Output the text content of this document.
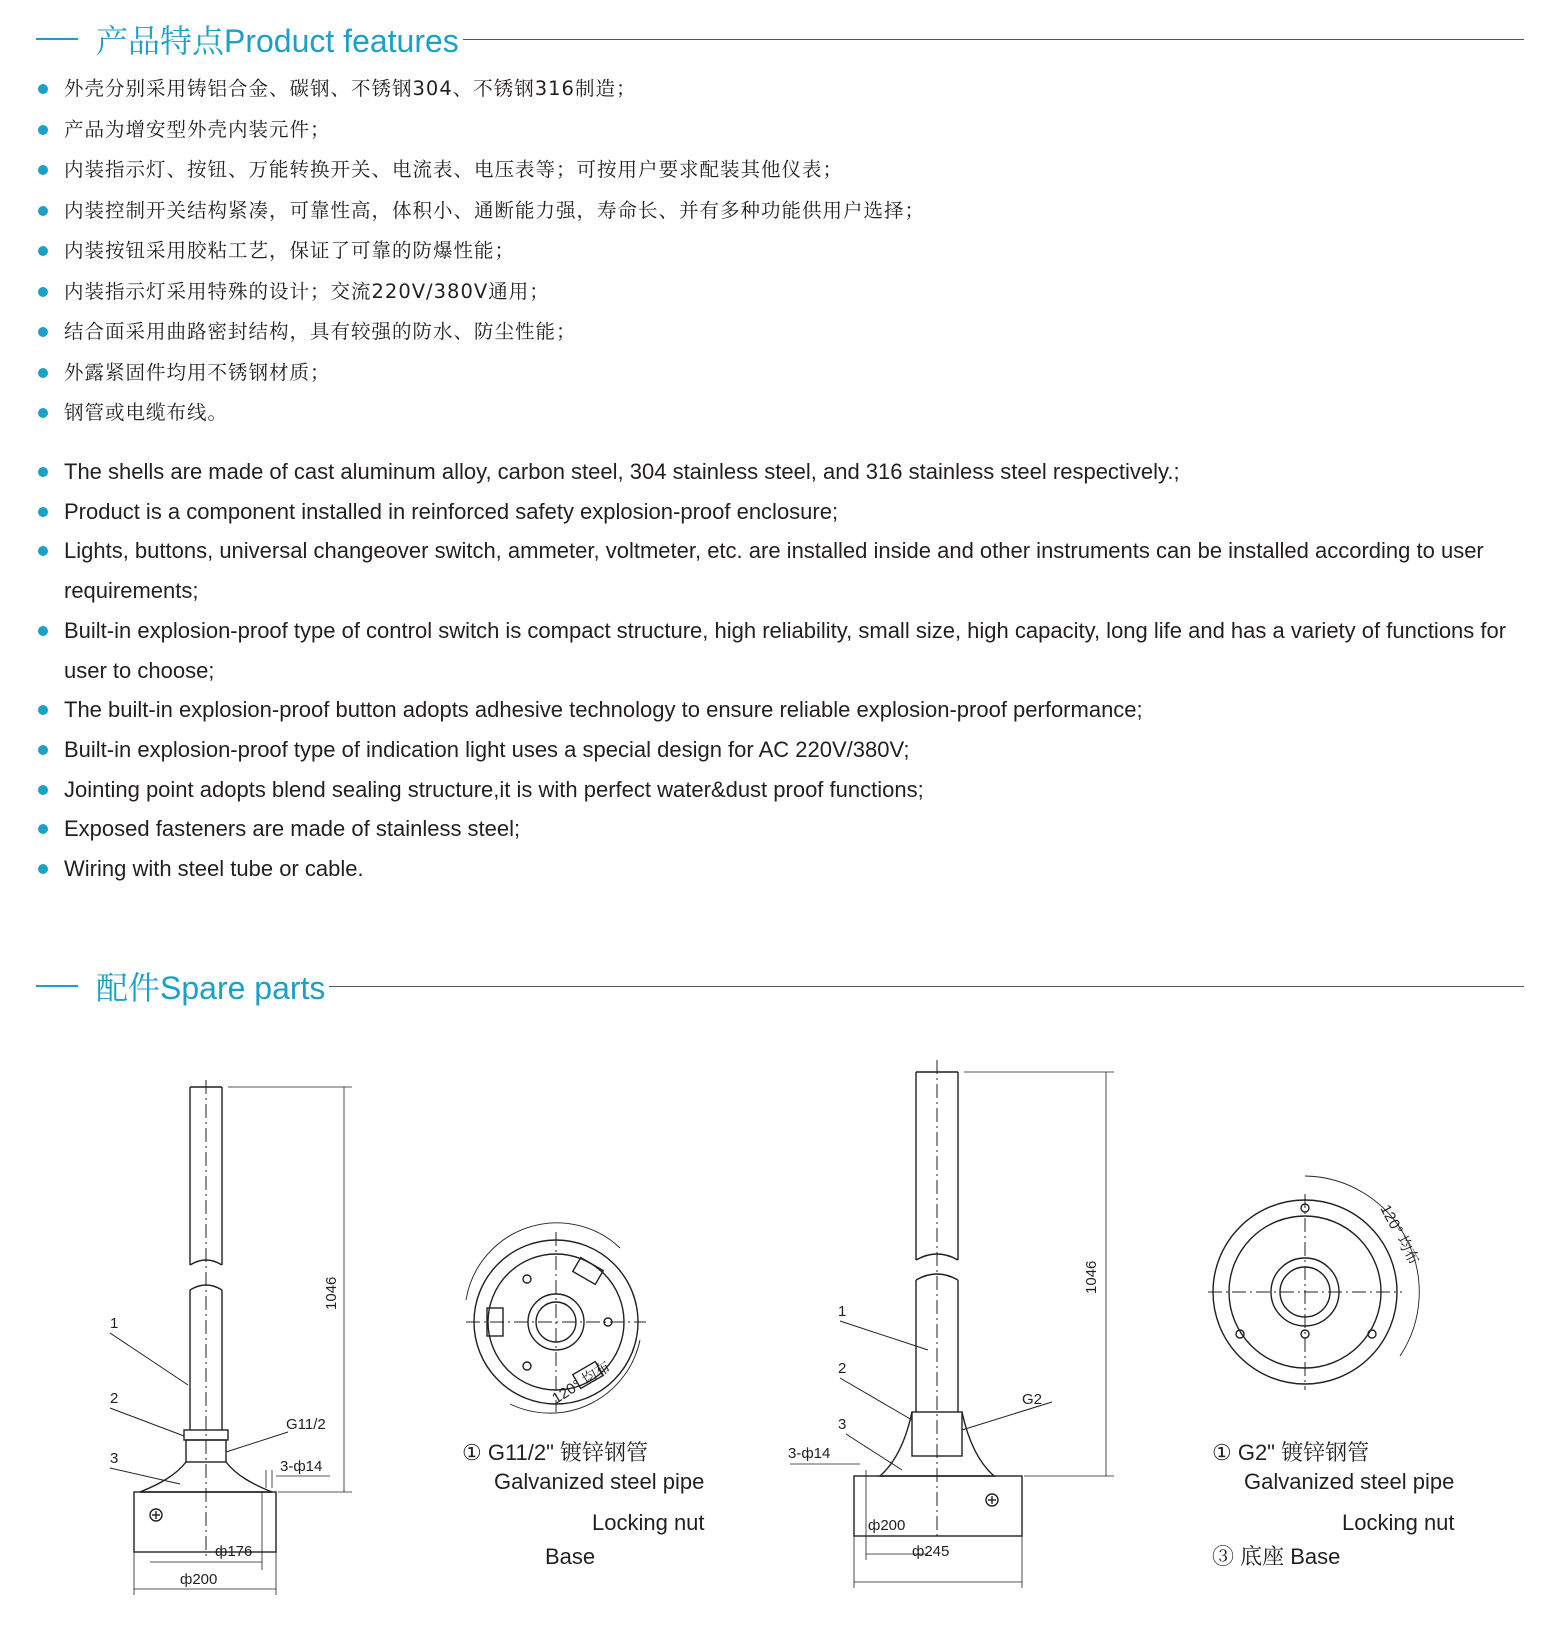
产品特点Product features
外壳分别采用铸铝合金、碳钢、不锈钢304、不锈钢316制造；
产品为增安型外壳内装元件；
内装指示灯、按钮、万能转换开关、电流表、电压表等；可按用户要求配装其他仪表；
内装控制开关结构紧凑，可靠性高，体积小、通断能力强，寿命长、并有多种功能供用户选择；
内装按钮采用胶粘工艺，保证了可靠的防爆性能；
内装指示灯采用特殊的设计；交流220V/380V通用；
结合面采用曲路密封结构，具有较强的防水、防尘性能；
外露紧固件均用不锈钢材质；
钢管或电缆布线。
The shells are made of cast aluminum alloy, carbon steel, 304 stainless steel, and 316 stainless steel respectively.;
Product is a component installed in reinforced safety explosion-proof enclosure;
Lights, buttons, universal changeover switch, ammeter, voltmeter, etc. are installed inside and other instruments can be installed according to user requirements;
Built-in explosion-proof type of control switch is compact structure, high reliability, small size, high capacity, long life and has a variety of functions for user to choose;
The built-in explosion-proof button adopts adhesive technology to ensure reliable explosion-proof performance;
Built-in explosion-proof type of indication light uses a special design for AC 220V/380V;
Jointing point adopts blend sealing structure,it is with perfect water&dust proof functions;
Exposed fasteners are made of stainless steel;
Wiring with steel tube or cable.
配件Spare parts
1
2
3
G11/2
3-ф14
ф176
ф200
1046
120° 均布
① G11/2" 镀锌钢管
Galvanized steel pipe
Locking nut
Base
1
2
3
G2
3-ф14
ф200
ф245
1046
120° 均布
① G2" 镀锌钢管
Galvanized steel pipe
Locking nut
③ 底座 Base
